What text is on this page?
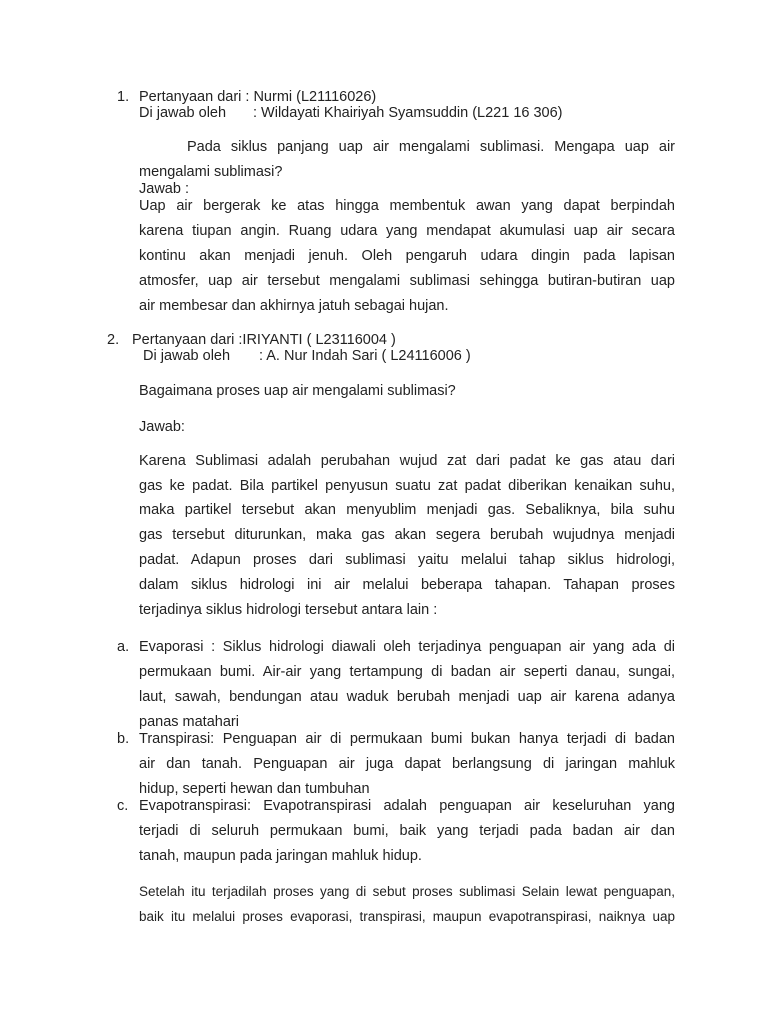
1. Pertanyaan dari : Nurmi (L21116026)
Di jawab oleh : Wildayati Khairiyah Syamsuddin (L221 16 306)
Pada siklus panjang uap air mengalami sublimasi. Mengapa uap air
mengalami sublimasi?
Jawab :
Uap air bergerak ke atas hingga membentuk awan yang dapat berpindah
karena tiupan angin. Ruang udara yang mendapat akumulasi uap air secara
kontinu akan menjadi jenuh. Oleh pengaruh udara dingin pada lapisan
atmosfer, uap air tersebut mengalami sublimasi sehingga butiran-butiran uap
air membesar dan akhirnya jatuh sebagai hujan.
2. Pertanyaan dari :IRIYANTI ( L23116004 )
Di jawab oleh : A. Nur Indah Sari ( L24116006 )
Bagaimana proses uap air mengalami sublimasi?
Jawab:
Karena Sublimasi adalah perubahan wujud zat dari padat ke gas atau dari
gas ke padat. Bila partikel penyusun suatu zat padat diberikan kenaikan suhu,
maka partikel tersebut akan menyublim menjadi gas. Sebaliknya, bila suhu
gas tersebut diturunkan, maka gas akan segera berubah wujudnya menjadi
padat. Adapun proses dari sublimasi yaitu melalui tahap siklus hidrologi,
dalam siklus hidrologi ini air melalui beberapa tahapan. Tahapan proses
terjadinya siklus hidrologi tersebut antara lain :
a. Evaporasi : Siklus hidrologi diawali oleh terjadinya penguapan air yang ada di
permukaan bumi. Air-air yang tertampung di badan air seperti danau, sungai,
laut, sawah, bendungan atau waduk berubah menjadi uap air karena adanya
panas matahari
b. Transpirasi: Penguapan air di permukaan bumi bukan hanya terjadi di badan
air dan tanah. Penguapan air juga dapat berlangsung di jaringan mahluk
hidup, seperti hewan dan tumbuhan
c. Evapotranspirasi: Evapotranspirasi adalah penguapan air keseluruhan yang
terjadi di seluruh permukaan bumi, baik yang terjadi pada badan air dan
tanah, maupun pada jaringan mahluk hidup.
Setelah itu terjadilah proses yang di sebut proses sublimasi Selain lewat penguapan,
baik itu melalui proses evaporasi, transpirasi, maupun evapotranspirasi, naiknya uap
